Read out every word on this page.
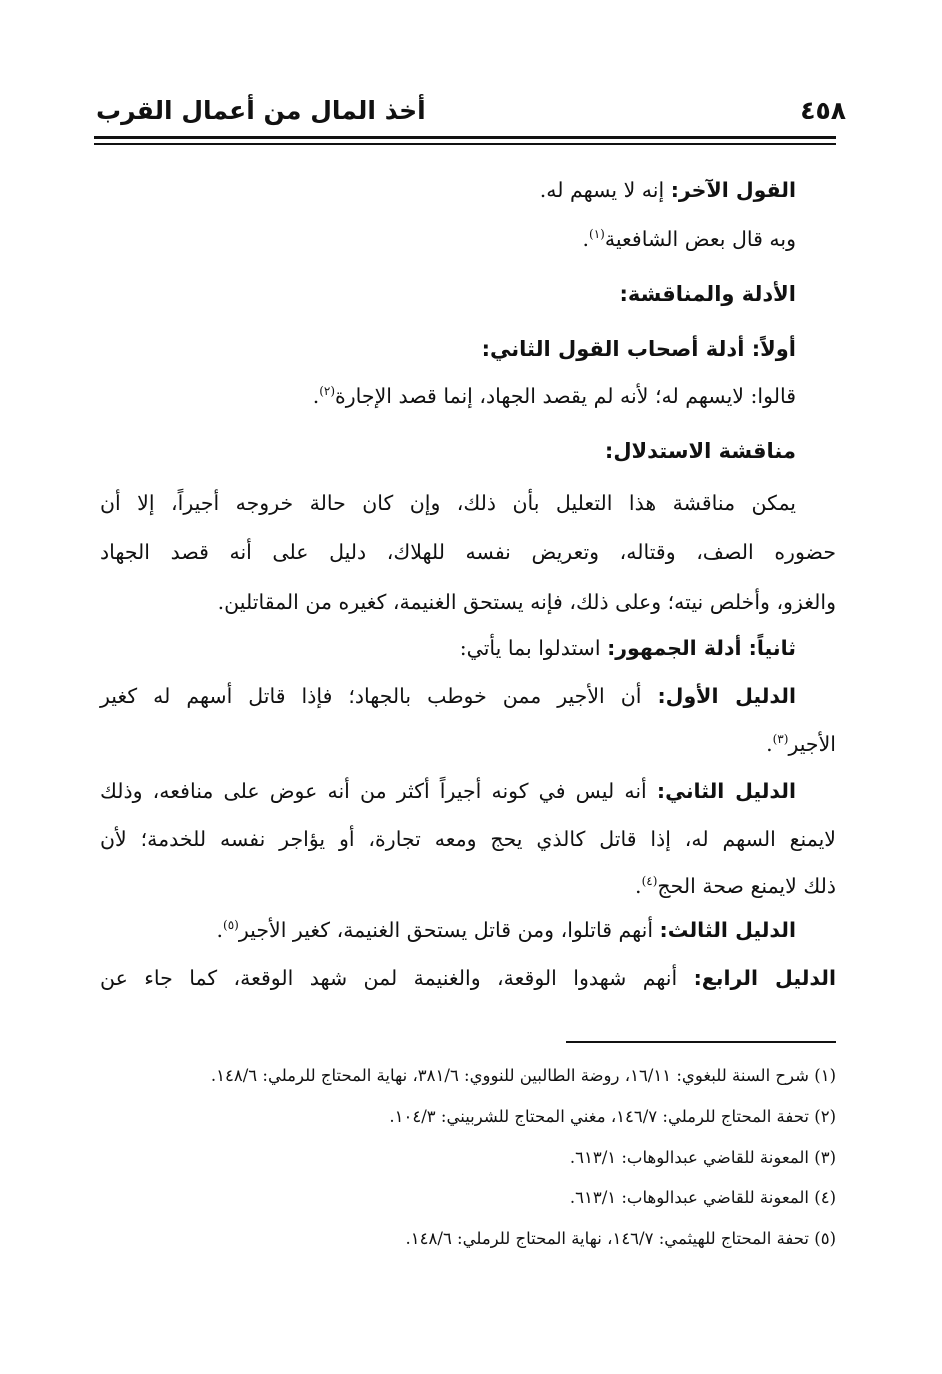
٤٥٨
أخذ المال من أعمال القرب
القول الآخر: إنه لا يسهم له.
وبه قال بعض الشافعية$^{(١)}$.
الأدلة والمناقشة:
أولاً: أدلة أصحاب القول الثاني:
قالوا: لايسهم له؛ لأنه لم يقصد الجهاد، إنما قصد الإجارة$^{(٢)}$.
مناقشة الاستدلال:
يمكن مناقشة هذا التعليل بأن ذلك، وإن كان حالة خروجه أجيراً، إلا أن
حضوره الصف، وقتاله، وتعريض نفسه للهلاك، دليل على أنه قصد الجهاد
والغزو، وأخلص نيته؛ وعلى ذلك، فإنه يستحق الغنيمة، كغيره من المقاتلين.
ثانياً: أدلة الجمهور: استدلوا بما يأتي:
الدليل الأول: أن الأجير ممن خوطب بالجهاد؛ فإذا قاتل أسهم له كغير
الأجير$^{(٣)}$.
الدليل الثاني: أنه ليس في كونه أجيراً أكثر من أنه عوض على منافعه، وذلك
لايمنع السهم له، إذا قاتل كالذي يحج ومعه تجارة، أو يؤاجر نفسه للخدمة؛ لأن
ذلك لايمنع صحة الحج$^{(٤)}$.
الدليل الثالث: أنهم قاتلوا، ومن قاتل يستحق الغنيمة، كغير الأجير$^{(٥)}$.
الدليل الرابع: أنهم شهدوا الوقعة، والغنيمة لمن شهد الوقعة، كما جاء عن
(١) شرح السنة للبغوي: ١٦/١١، روضة الطالبين للنووي: ٣٨١/٦، نهاية المحتاج للرملي: ١٤٨/٦.
(٢) تحفة المحتاج للرملي: ١٤٦/٧، مغني المحتاج للشربيني: ١٠٤/٣.
(٣) المعونة للقاضي عبدالوهاب: ٦١٣/١.
(٤) المعونة للقاضي عبدالوهاب: ٦١٣/١.
(٥) تحفة المحتاج للهيثمي: ١٤٦/٧، نهاية المحتاج للرملي: ١٤٨/٦.
